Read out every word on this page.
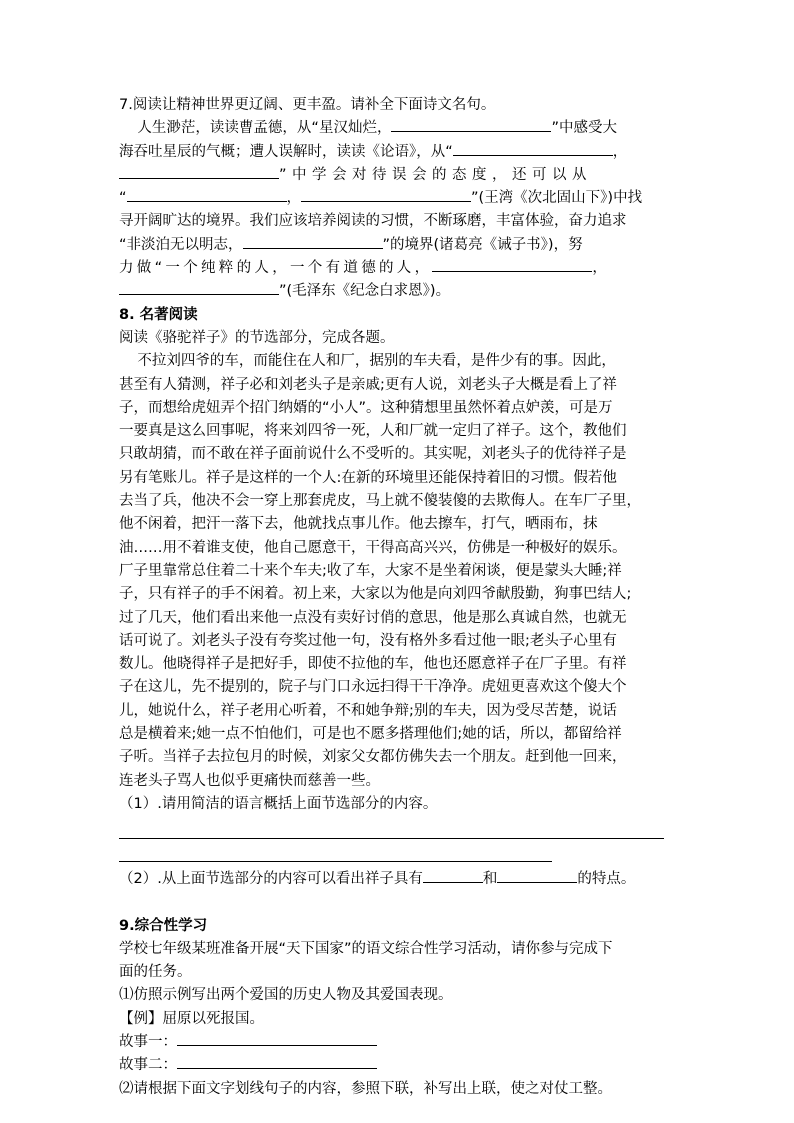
7.阅读让精神世界更辽阔、更丰盈。请补全下面诗文名句。
人生渺茫，读读曹孟德，从“星汉灿烂，	”中感受大
海吞吐星辰的气概；遭人误解时，读读《论语》，从“	，
”中学会对待误会的态度，还可以从
“	，	”(王湾《次北固山下》)中找
寻开阔旷达的境界。我们应该培养阅读的习惯，不断琢磨，丰富体验，奋力追求
“非淡泊无以明志，	”的境界(诸葛亮《诫子书》)，努
力做“一个纯粹的人，一个有道德的人，	，
”(毛泽东《纪念白求恩》)。
8. 名著阅读
阅读《骆驼祥子》的节选部分，完成各题。
不拉刘四爷的车，而能住在人和厂，据别的车夫看，是件少有的事。因此，
甚至有人猜测，祥子必和刘老头子是亲戚;更有人说，刘老头子大概是看上了祥
子，而想给虎妞弄个招门纳婿的“小人”。这种猜想里虽然怀着点妒羡，可是万
一要真是这么回事呢，将来刘四爷一死，人和厂就一定归了祥子。这个，教他们
只敢胡猜，而不敢在祥子面前说什么不受听的。其实呢，刘老头子的优待祥子是
另有笔账儿。祥子是这样的一个人:在新的环境里还能保持着旧的习惯。假若他
去当了兵，他决不会一穿上那套虎皮，马上就不傻装傻的去欺侮人。在车厂子里，
他不闲着，把汗一落下去，他就找点事儿作。他去擦车，打气，晒雨布，抹
油……用不着谁支使，他自己愿意干，干得高高兴兴，仿佛是一种极好的娱乐。
厂子里靠常总住着二十来个车夫;收了车，大家不是坐着闲谈，便是蒙头大睡;祥
子，只有祥子的手不闲着。初上来，大家以为他是向刘四爷献殷勤，狗事巴结人;
过了几天，他们看出来他一点没有卖好讨俏的意思，他是那么真诚自然，也就无
话可说了。刘老头子没有夸奖过他一句，没有格外多看过他一眼;老头子心里有
数儿。他晓得祥子是把好手，即使不拉他的车，他也还愿意祥子在厂子里。有祥
子在这儿，先不提别的，院子与门口永远扫得干干净净。虎妞更喜欢这个傻大个
儿，她说什么，祥子老用心听着，不和她争辩;别的车夫，因为受尽苦楚，说话
总是横着来;她一点不怕他们，可是也不愿多搭理他们;她的话，所以，都留给祥
子听。当祥子去拉包月的时候，刘家父女都仿佛失去一个朋友。赶到他一回来，
连老头子骂人也似乎更痛快而慈善一些。
（1）.请用简洁的语言概括上面节选部分的内容。
（2）.从上面节选部分的内容可以看出祥子具有	和	的特点。
9.综合性学习
学校七年级某班准备开展“天下国家”的语文综合性学习活动，请你参与完成下
面的任务。
⑴仿照示例写出两个爱国的历史人物及其爱国表现。
【例】屈原以死报国。
故事一：
故事二：
⑵请根据下面文字划线句子的内容，参照下联，补写出上联，使之对仗工整。
